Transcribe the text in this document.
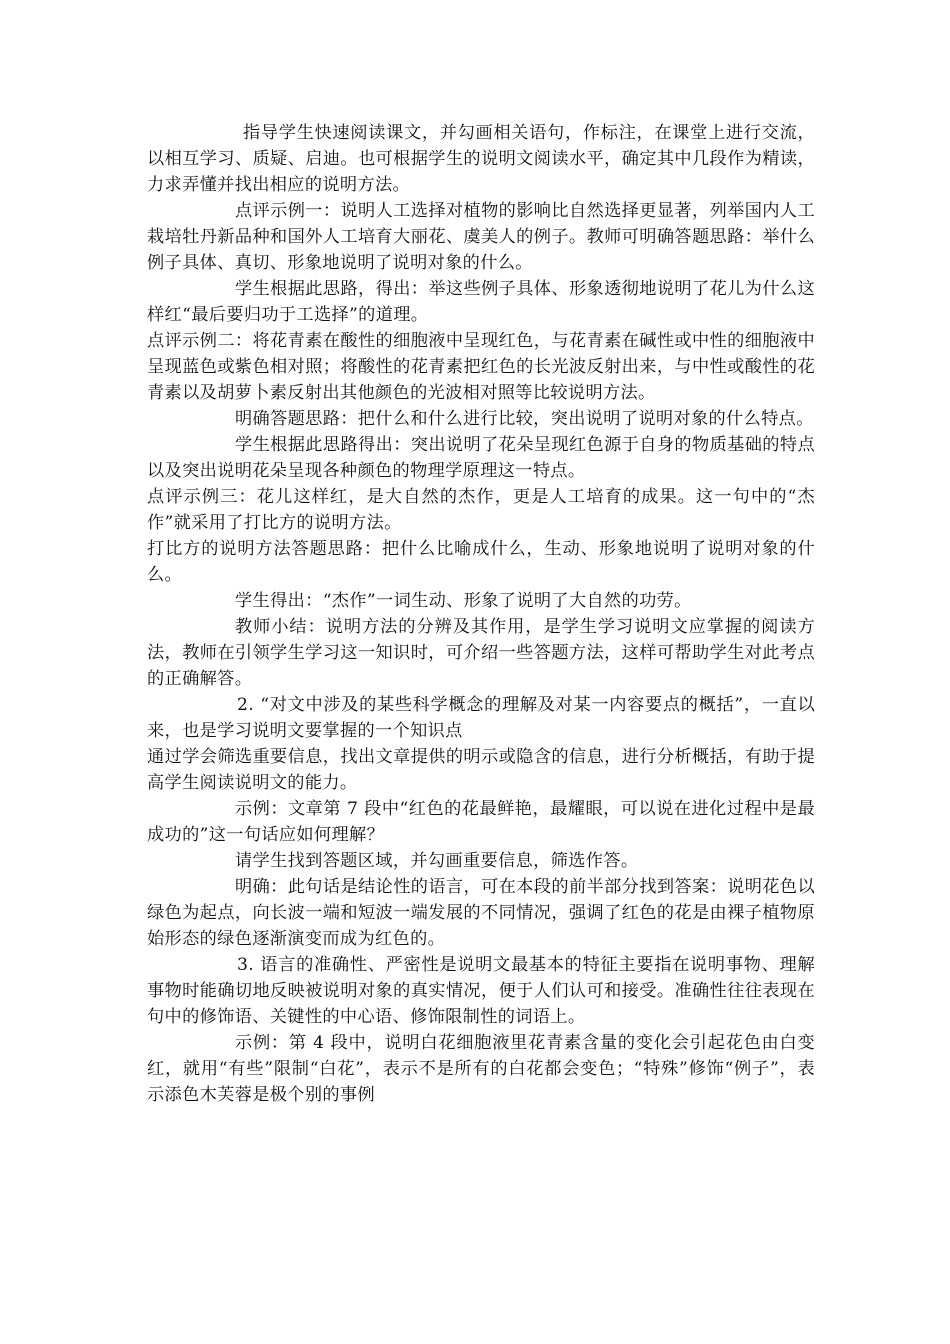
指导学生快速阅读课文，并勾画相关语句，作标注，在课堂上进行交流，以相互学习、质疑、启迪。也可根据学生的说明文阅读水平，确定其中几段作为精读，力求弄懂并找出相应的说明方法。

点评示例一：说明人工选择对植物的影响比自然选择更显著，列举国内人工栽培牡丹新品种和国外人工培育大丽花、虞美人的例子。教师可明确答题思路：举什么例子具体、真切、形象地说明了说明对象的什么。

学生根据此思路，得出：举这些例子具体、形象透彻地说明了花儿为什么这样红“最后要归功于工选择”的道理。

点评示例二：将花青素在酸性的细胞液中呈现红色，与花青素在碱性或中性的细胞液中呈现蓝色或紫色相对照；将酸性的花青素把红色的长光波反射出来，与中性或酸性的花青素以及胡萝卜素反射出其他颜色的光波相对照等比较说明方法。

明确答题思路：把什么和什么进行比较，突出说明了说明对象的什么特点。

学生根据此思路得出：突出说明了花朵呈现红色源于自身的物质基础的特点以及突出说明花朵呈现各种颜色的物理学原理这一特点。

点评示例三：花儿这样红，是大自然的杰作，更是人工培育的成果。这一句中的“杰作”就采用了打比方的说明方法。

打比方的说明方法答题思路：把什么比喻成什么，生动、形象地说明了说明对象的什么。

学生得出：“杰作”一词生动、形象了说明了大自然的功劳。

教师小结：说明方法的分辨及其作用，是学生学习说明文应掌握的阅读方法，教师在引领学生学习这一知识时，可介绍一些答题方法，这样可帮助学生对此考点的正确解答。

2. “对文中涉及的某些科学概念的理解及对某一内容要点的概括”，一直以来，也是学习说明文要掌握的一个知识点

通过学会筛选重要信息，找出文章提供的明示或隐含的信息，进行分析概括，有助于提高学生阅读说明文的能力。

示例：文章第 7 段中“红色的花最鲜艳，最耀眼，可以说在进化过程中是最成功的”这一句话应如何理解？

请学生找到答题区域，并勾画重要信息，筛选作答。

明确：此句话是结论性的语言，可在本段的前半部分找到答案：说明花色以绿色为起点，向长波一端和短波一端发展的不同情况，强调了红色的花是由裸子植物原始形态的绿色逐渐演变而成为红色的。

3. 语言的准确性、严密性是说明文最基本的特征主要指在说明事物、理解事物时能确切地反映被说明对象的真实情况，便于人们认可和接受。准确性往往表现在句中的修饰语、关键性的中心语、修饰限制性的词语上。

示例：第 4 段中，说明白花细胞液里花青素含量的变化会引起花色由白变红，就用“有些”限制“白花”，表示不是所有的白花都会变色；“特殊”修饰“例子”，表示添色木芙蓉是极个别的事例
